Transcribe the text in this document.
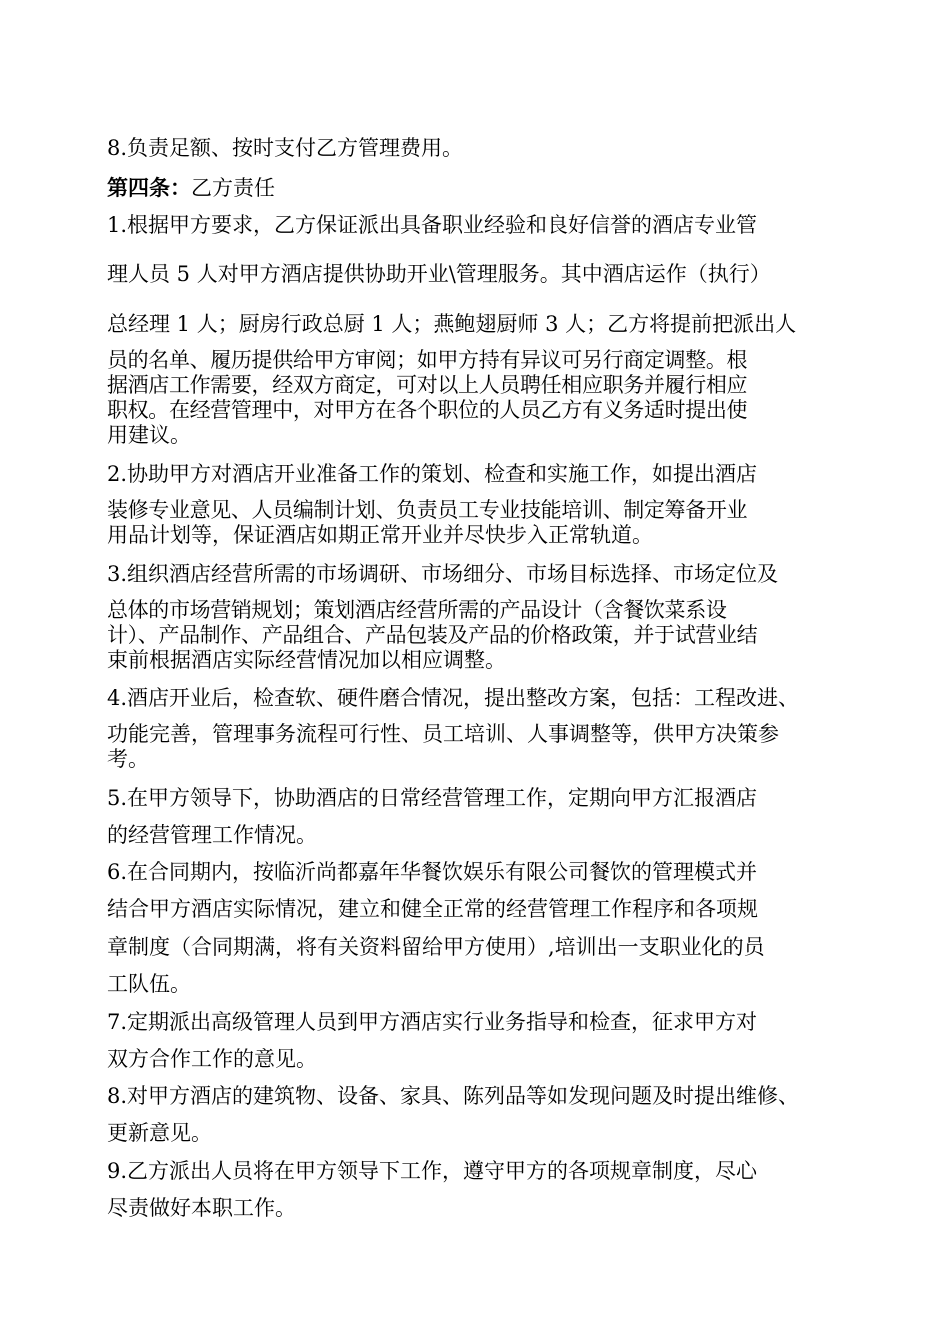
8.负责足额、按时支付乙方管理费用。
第四条：乙方责任
1.根据甲方要求，乙方保证派出具备职业经验和良好信誉的酒店专业管
理人员 5 人对甲方酒店提供协助开业\管理服务。其中酒店运作（执行）
总经理 1 人；厨房行政总厨 1 人；燕鲍翅厨师 3 人；乙方将提前把派出人
员的名单、履历提供给甲方审阅；如甲方持有异议可另行商定调整。根
据酒店工作需要，经双方商定，可对以上人员聘任相应职务并履行相应
职权。在经营管理中，对甲方在各个职位的人员乙方有义务适时提出使
用建议。
2.协助甲方对酒店开业准备工作的策划、检查和实施工作，如提出酒店
装修专业意见、人员编制计划、负责员工专业技能培训、制定筹备开业
用品计划等，保证酒店如期正常开业并尽快步入正常轨道。
3.组织酒店经营所需的市场调研、市场细分、市场目标选择、市场定位及
总体的市场营销规划；策划酒店经营所需的产品设计（含餐饮菜系设
计）、产品制作、产品组合、产品包装及产品的价格政策，并于试营业结
束前根据酒店实际经营情况加以相应调整。
4.酒店开业后，检查软、硬件磨合情况，提出整改方案，包括：工程改进、
功能完善，管理事务流程可行性、员工培训、人事调整等，供甲方决策参
考。
5.在甲方领导下，协助酒店的日常经营管理工作，定期向甲方汇报酒店
的经营管理工作情况。
6.在合同期内，按临沂尚都嘉年华餐饮娱乐有限公司餐饮的管理模式并
结合甲方酒店实际情况，建立和健全正常的经营管理工作程序和各项规
章制度（合同期满，将有关资料留给甲方使用）,培训出一支职业化的员
工队伍。
7.定期派出高级管理人员到甲方酒店实行业务指导和检查，征求甲方对
双方合作工作的意见。
8.对甲方酒店的建筑物、设备、家具、陈列品等如发现问题及时提出维修、
更新意见。
9.乙方派出人员将在甲方领导下工作，遵守甲方的各项规章制度，尽心
尽责做好本职工作。
